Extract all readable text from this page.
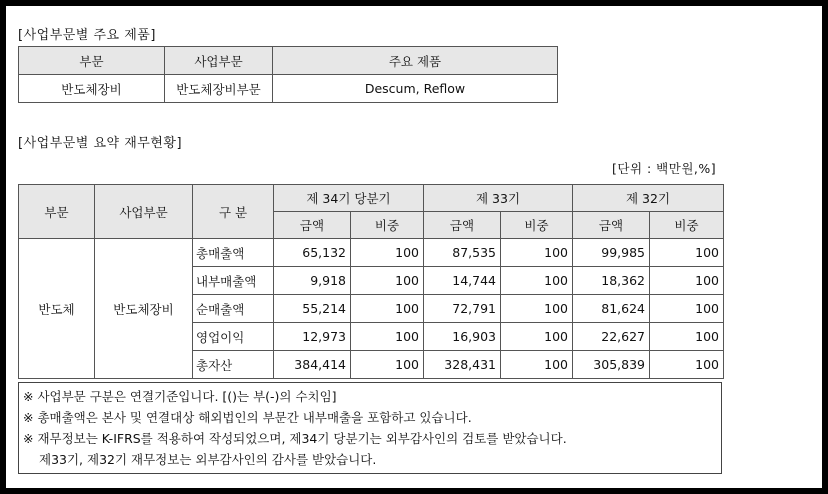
[사업부문별 주요 제품]
부문	사업부문	주요 제품
반도체장비	반도체장비부문	Descum, Reflow
[사업부문별 요약 재무현황]
[단위 : 백만원,%]
부문	사업부문	구 분	제 34기 당분기		제 33기		제 32기	
			금액	비중	금액	비중	금액	비중
반도체	반도체장비	총매출액	65,132	100	87,535	100	99,985	100
		내부매출액	9,918	100	14,744	100	18,362	100
		순매출액	55,214	100	72,791	100	81,624	100
		영업이익	12,973	100	16,903	100	22,627	100
		총자산	384,414	100	328,431	100	305,839	100
※ 사업부문 구분은 연결기준입니다. [()는 부(-)의 수치임]
※ 총매출액은 본사 및 연결대상 해외법인의 부문간 내부매출을 포함하고 있습니다.
※ 재무정보는 K-IFRS를 적용하여 작성되었으며, 제34기 당분기는 외부감사인의 검토를 받았습니다.
제33기, 제32기 재무정보는 외부감사인의 감사를 받았습니다.
